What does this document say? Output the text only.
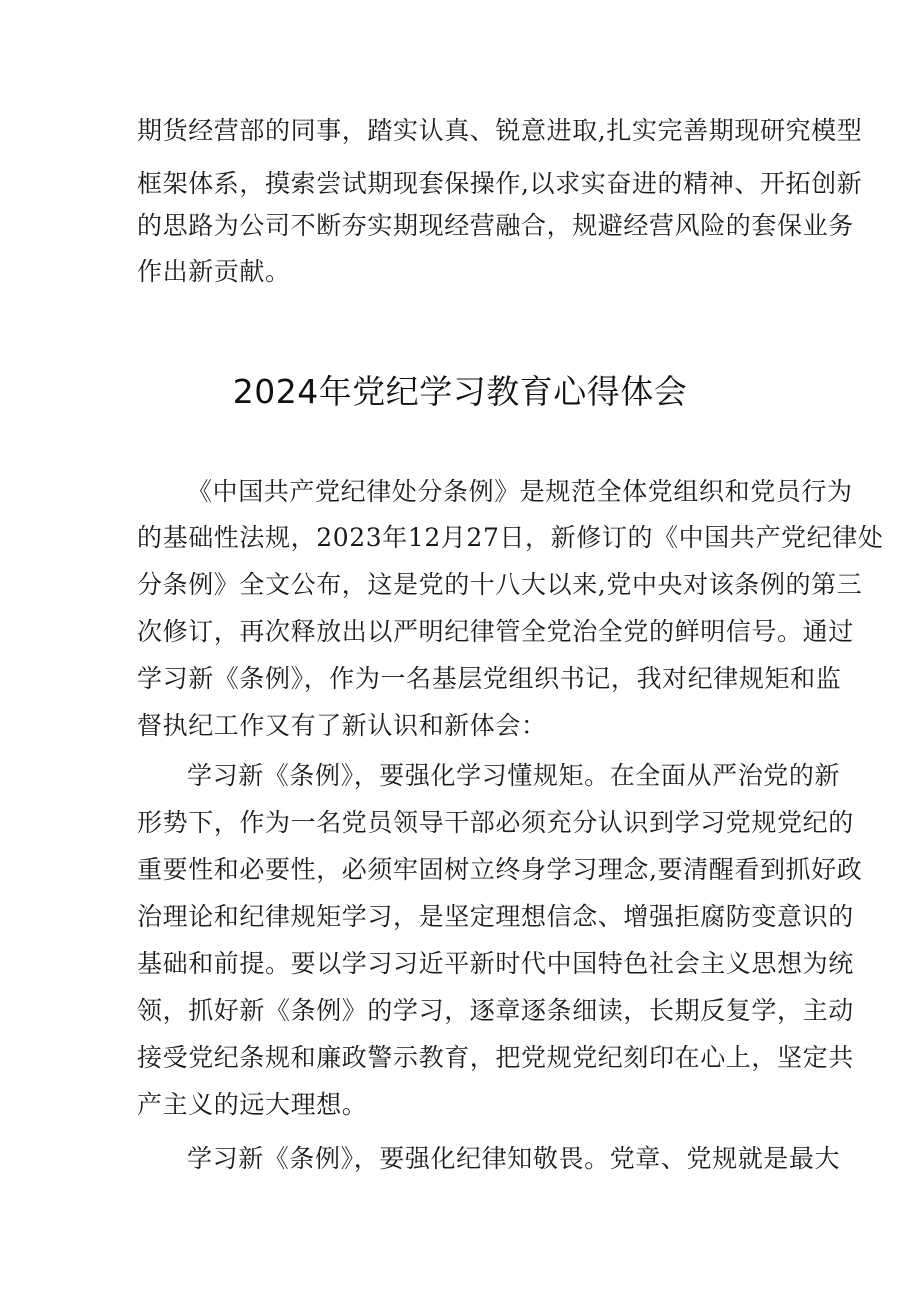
期货经营部的同事，踏实认真、锐意进取,扎实完善期现研究模型
框架体系，摸索尝试期现套保操作,以求实奋进的精神、开拓创新
的思路为公司不断夯实期现经营融合，规避经营风险的套保业务
作出新贡献。
2024年党纪学习教育心得体会
《中国共产党纪律处分条例》是规范全体党组织和党员行为
的基础性法规，2023年12月27日，新修订的《中国共产党纪律处
分条例》全文公布，这是党的十八大以来,党中央对该条例的第三
次修订，再次释放出以严明纪律管全党治全党的鲜明信号。通过
学习新《条例》，作为一名基层党组织书记，我对纪律规矩和监
督执纪工作又有了新认识和新体会：
学习新《条例》，要强化学习懂规矩。在全面从严治党的新
形势下，作为一名党员领导干部必须充分认识到学习党规党纪的
重要性和必要性，必须牢固树立终身学习理念,要清醒看到抓好政
治理论和纪律规矩学习，是坚定理想信念、增强拒腐防变意识的
基础和前提。要以学习习近平新时代中国特色社会主义思想为统
领，抓好新《条例》的学习，逐章逐条细读，长期反复学，主动
接受党纪条规和廉政警示教育，把党规党纪刻印在心上，坚定共
产主义的远大理想。
学习新《条例》，要强化纪律知敬畏。党章、党规就是最大
